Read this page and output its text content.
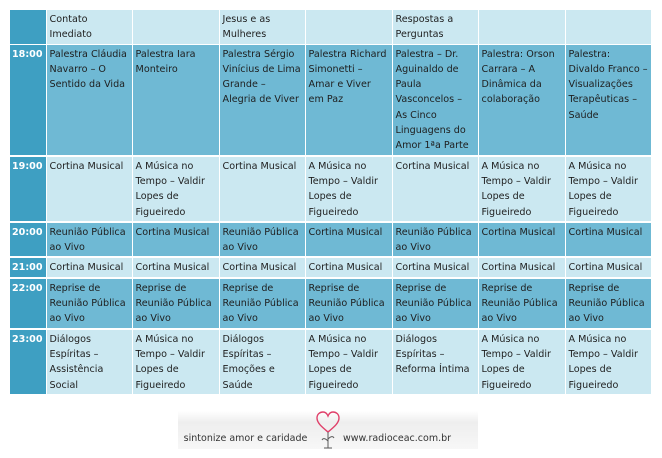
	Contato Imediato		Jesus e as Mulheres		Respostas a Perguntas		
18:00	Palestra Cláudia Navarro – O Sentido da Vida	Palestra Iara Monteiro	Palestra Sérgio Vinícius de Lima Grande – Alegria de Viver	Palestra Richard Simonetti – Amar e Viver em Paz	Palestra – Dr. Aguinaldo de Paula Vasconcelos – As Cinco Linguagens do Amor 1ªa Parte	Palestra: Orson Carrara – A Dinâmica da colaboração	Palestra: Divaldo Franco – Visualizações Terapêuticas – Saúde
19:00	Cortina Musical	A Música no Tempo – Valdir Lopes de Figueiredo	Cortina Musical	A Música no Tempo – Valdir Lopes de Figueiredo	Cortina Musical	A Música no Tempo – Valdir Lopes de Figueiredo	A Música no Tempo – Valdir Lopes de Figueiredo
20:00	Reunião Pública ao Vivo	Cortina Musical	Reunião Pública ao Vivo	Cortina Musical	Reunião Pública ao Vivo	Cortina Musical	Cortina Musical
21:00	Cortina Musical	Cortina Musical	Cortina Musical	Cortina Musical	Cortina Musical	Cortina Musical	Cortina Musical
22:00	Reprise de Reunião Pública ao Vivo	Reprise de Reunião Pública ao Vivo	Reprise de Reunião Pública ao Vivo	Reprise de Reunião Pública ao Vivo	Reprise de Reunião Pública ao Vivo	Reprise de Reunião Pública ao Vivo	Reprise de Reunião Pública ao Vivo
23:00	Diálogos Espíritas – Assistência Social	A Música no Tempo – Valdir Lopes de Figueiredo	Diálogos Espíritas – Emoções e Saúde	A Música no Tempo – Valdir Lopes de Figueiredo	Diálogos Espíritas – Reforma Íntima	A Música no Tempo – Valdir Lopes de Figueiredo	A Música no Tempo – Valdir Lopes de Figueiredo
sintonize amor e caridade	www.radioceac.com.br
